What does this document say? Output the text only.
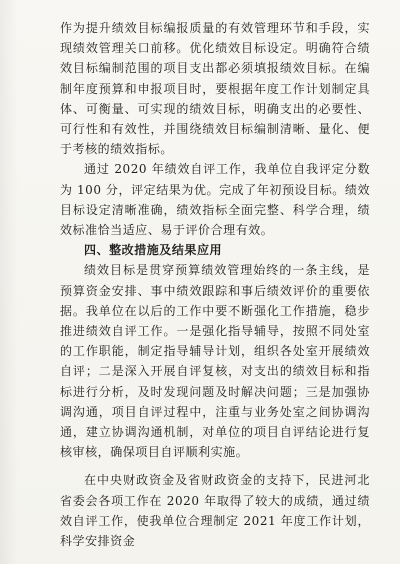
作为提升绩效目标编报质量的有效管理环节和手段，实现绩效管理关口前移。优化绩效目标设定。明确符合绩效目标编制范围的项目支出都必须填报绩效目标。在编制年度预算和申报项目时，要根据年度工作计划制定具体、可衡量、可实现的绩效目标，明确支出的必要性、可行性和有效性，并围绕绩效目标编制清晰、量化、便于考核的绩效指标。

通过 2020 年绩效自评工作，我单位自我评定分数为 100 分，评定结果为优。完成了年初预设目标。绩效目标设定清晰准确，绩效指标全面完整、科学合理，绩效标准恰当适应、易于评价合理有效。

四、整改措施及结果应用

绩效目标是贯穿预算绩效管理始终的一条主线，是预算资金安排、事中绩效跟踪和事后绩效评价的重要依据。我单位在以后的工作中要不断强化工作措施，稳步推进绩效自评工作。一是强化指导辅导，按照不同处室的工作职能，制定指导辅导计划，组织各处室开展绩效自评；二是深入开展自评复核，对支出的绩效目标和指标进行分析，及时发现问题及时解决问题；三是加强协调沟通，项目自评过程中，注重与业务处室之间协调沟通，建立协调沟通机制，对单位的项目自评结论进行复核审核，确保项目自评顺利实施。

在中央财政资金及省财政资金的支持下，民进河北省委会各项工作在 2020 年取得了较大的成绩，通过绩效自评工作，使我单位合理制定 2021 年度工作计划，科学安排资金
